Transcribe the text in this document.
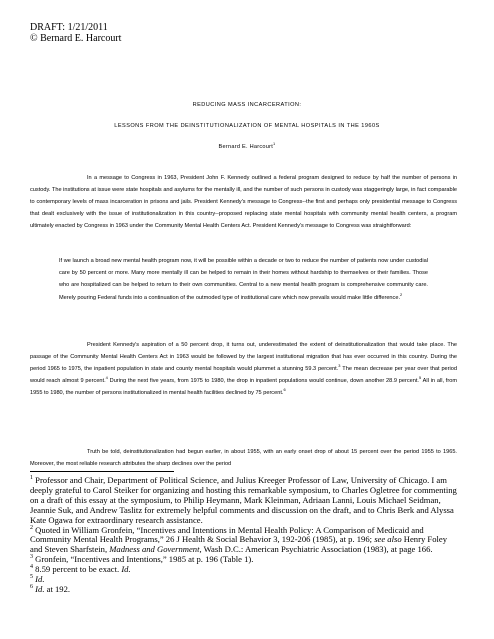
DRAFT: 1/21/2011
© Bernard E. Harcourt
REDUCING MASS INCARCERATION:
LESSONS FROM THE DEINSTITUTIONALIZATION OF MENTAL HOSPITALS IN THE 1960S
Bernard E. Harcourt$^1$
In a message to Congress in 1963, President John F. Kennedy outlined a federal program designed to reduce by half the number of persons in custody. The institutions at issue were state hospitals and asylums for the mentally ill, and the number of such persons in custody was staggeringly large, in fact comparable to contemporary levels of mass incarceration in prisons and jails. President Kennedy's message to Congress--the first and perhaps only presidential message to Congress that dealt exclusively with the issue of institutionalization in this country--proposed replacing state mental hospitals with community mental health centers, a program ultimately enacted by Congress in 1963 under the Community Mental Health Centers Act. President Kennedy's message to Congress was straightforward:
If we launch a broad new mental health program now, it will be possible within a decade or two to reduce the number of patients now under custodial care by 50 percent or more. Many more mentally ill can be helped to remain in their homes without hardship to themselves or their families. Those who are hospitalized can be helped to return to their own communities. Central to a new mental health program is comprehensive community care. Merely pouring Federal funds into a continuation of the outmoded type of institutional care which now prevails would make little difference.$^2$
President Kennedy's aspiration of a 50 percent drop, it turns out, underestimated the extent of deinstitutionalization that would take place. The passage of the Community Mental Health Centers Act in 1963 would be followed by the largest institutional migration that has ever occurred in this country. During the period 1965 to 1975, the inpatient population in state and county mental hospitals would plummet a stunning 59.3 percent.$^3$ The mean decrease per year over that period would reach almost 9 percent.$^4$ During the next five years, from 1975 to 1980, the drop in inpatient populations would continue, down another 28.9 percent.$^5$ All in all, from 1955 to 1980, the number of persons institutionalized in mental health facilities declined by 75 percent.$^6$
Truth be told, deinstitutionalization had begun earlier, in about 1955, with an early onset drop of about 15 percent over the period 1955 to 1965. Moreover, the most reliable research attributes the sharp declines over the period

$^1$ Professor and Chair, Department of Political Science, and Julius Kreeger Professor of Law, University of Chicago. I am deeply grateful to Carol Steiker for organizing and hosting this remarkable symposium, to Charles Ogletree for commenting on a draft of this essay at the symposium, to Philip Heymann, Mark Kleinman, Adriaan Lanni, Louis Michael Seidman, Jeannie Suk, and Andrew Taslitz for extremely helpful comments and discussion on the draft, and to Chris Berk and Alyssa Kate Ogawa for extraordinary research assistance.

$^2$ Quoted in William Gronfein, “Incentives and Intentions in Mental Health Policy: A Comparison of Medicaid and Community Mental Health Programs,” 26 J Health & Social Behavior 3, 192-206 (1985), at p. 196; see also Henry Foley and Steven Sharfstein, Madness and Government, Wash D.C.: American Psychiatric Association (1983), at page 166.

$^3$ Gronfein, “Incentives and Intentions,” 1985 at p. 196 (Table 1).

$^4$ 8.59 percent to be exact. Id.

$^5$ Id.

$^6$ Id. at 192.
